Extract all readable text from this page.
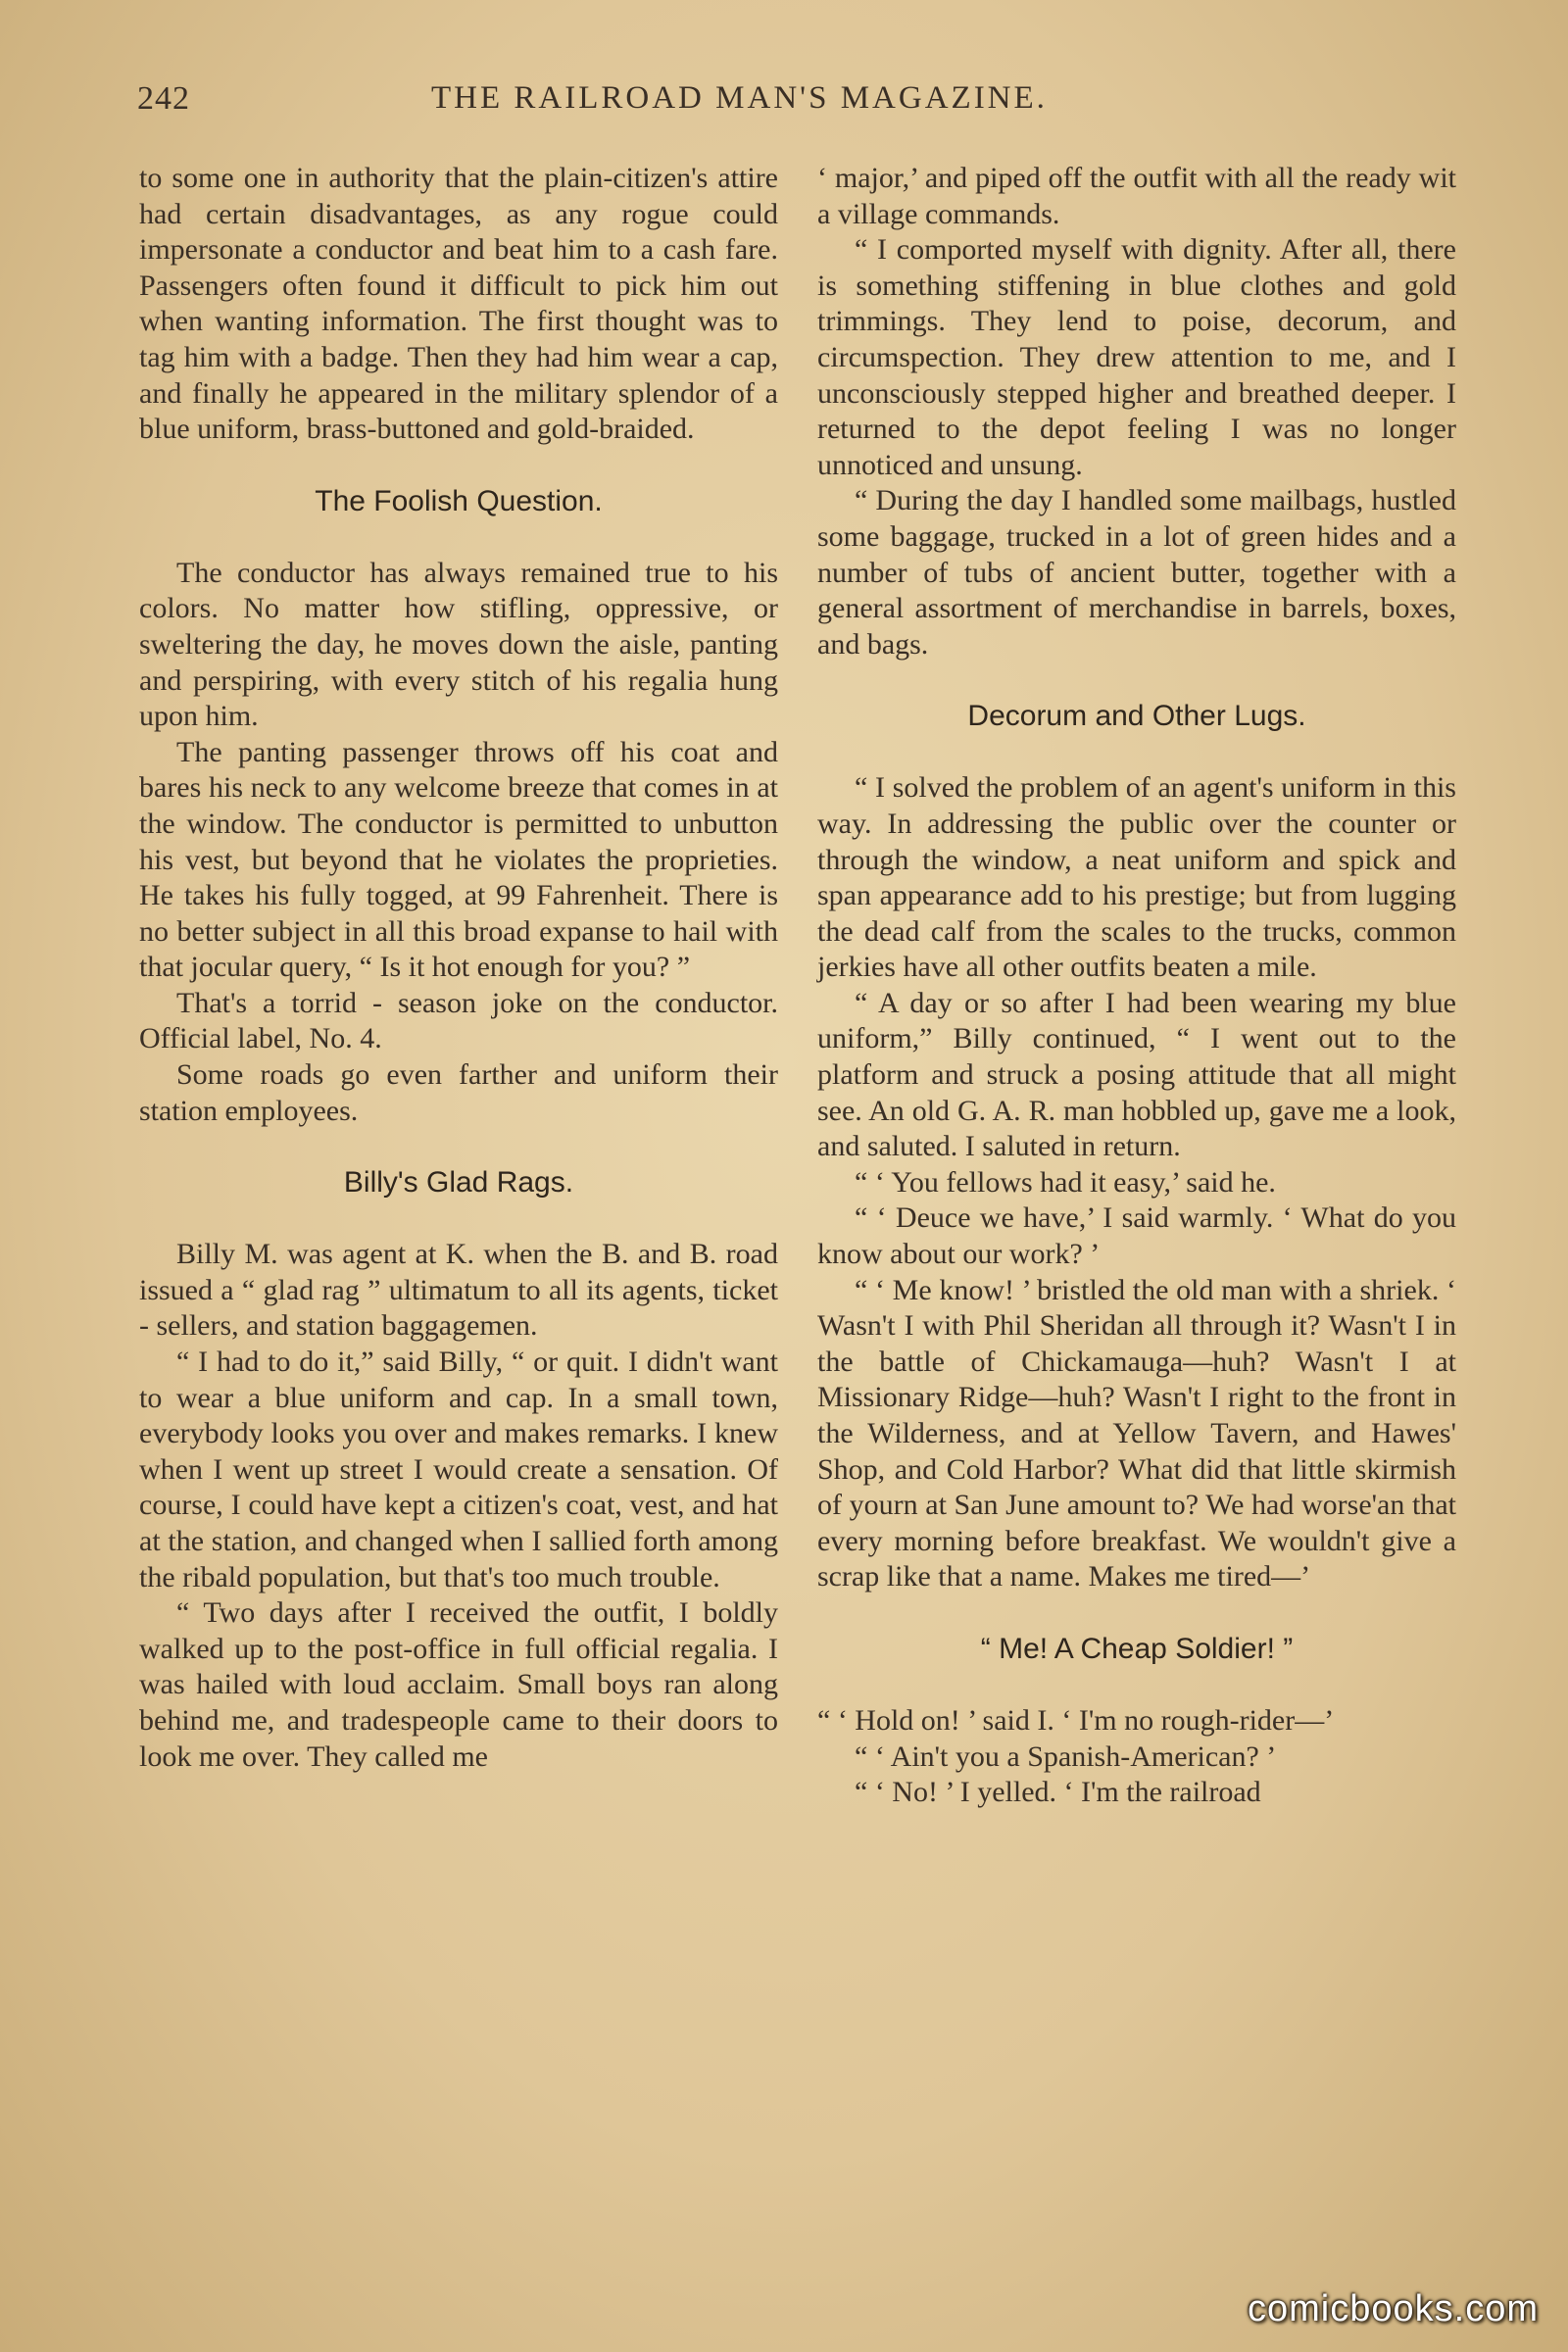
242	THE RAILROAD MAN'S MAGAZINE.

to some one in authority that the plain-citizen's attire had certain disadvantages, as any rogue could impersonate a conductor and beat him to a cash fare. Passengers often found it difficult to pick him out when wanting information. The first thought was to tag him with a badge. Then they had him wear a cap, and finally he appeared in the military splendor of a blue uniform, brass-buttoned and gold-braided.

The Foolish Question.

The conductor has always remained true to his colors. No matter how stifling, oppressive, or sweltering the day, he moves down the aisle, panting and perspiring, with every stitch of his regalia hung upon him.

The panting passenger throws off his coat and bares his neck to any welcome breeze that comes in at the window. The conductor is permitted to unbutton his vest, but beyond that he violates the proprieties. He takes his fully togged, at 99 Fahrenheit. There is no better subject in all this broad expanse to hail with that jocular query, “ Is it hot enough for you? ”

That's a torrid - season joke on the conductor. Official label, No. 4.

Some roads go even farther and uniform their station employees.

Billy's Glad Rags.

Billy M. was agent at K. when the B. and B. road issued a “ glad rag ” ultimatum to all its agents, ticket - sellers, and station baggagemen.

“ I had to do it,” said Billy, “ or quit. I didn't want to wear a blue uniform and cap. In a small town, everybody looks you over and makes remarks. I knew when I went up street I would create a sensation. Of course, I could have kept a citizen's coat, vest, and hat at the station, and changed when I sallied forth among the ribald population, but that's too much trouble.

“ Two days after I received the outfit, I boldly walked up to the post-office in full official regalia. I was hailed with loud acclaim. Small boys ran along behind me, and tradespeople came to their doors to look me over. They called me

‘ major,’ and piped off the outfit with all the ready wit a village commands.

“ I comported myself with dignity. After all, there is something stiffening in blue clothes and gold trimmings. They lend to poise, decorum, and circumspection. They drew attention to me, and I unconsciously stepped higher and breathed deeper. I returned to the depot feeling I was no longer unnoticed and unsung.

“ During the day I handled some mailbags, hustled some baggage, trucked in a lot of green hides and a number of tubs of ancient butter, together with a general assortment of merchandise in barrels, boxes, and bags.

Decorum and Other Lugs.

“ I solved the problem of an agent's uniform in this way. In addressing the public over the counter or through the window, a neat uniform and spick and span appearance add to his prestige; but from lugging the dead calf from the scales to the trucks, common jerkies have all other outfits beaten a mile.

“ A day or so after I had been wearing my blue uniform,” Billy continued, “ I went out to the platform and struck a posing attitude that all might see. An old G. A. R. man hobbled up, gave me a look, and saluted. I saluted in return.

“ ‘ You fellows had it easy,’ said he.

“ ‘ Deuce we have,’ I said warmly. ‘ What do you know about our work? ’

“ ‘ Me know! ’ bristled the old man with a shriek. ‘ Wasn't I with Phil Sheridan all through it? Wasn't I in the battle of Chickamauga—huh? Wasn't I at Missionary Ridge—huh? Wasn't I right to the front in the Wilderness, and at Yellow Tavern, and Hawes' Shop, and Cold Harbor? What did that little skirmish of yourn at San June amount to? We had worse'an that every morning before breakfast. We wouldn't give a scrap like that a name. Makes me tired—’

“ Me! A Cheap Soldier! ”

“ ‘ Hold on! ’ said I. ‘ I'm no rough-rider—’

“ ‘ Ain't you a Spanish-American? ’

“ ‘ No! ’ I yelled. ‘ I'm the railroad

comicbooks.com
